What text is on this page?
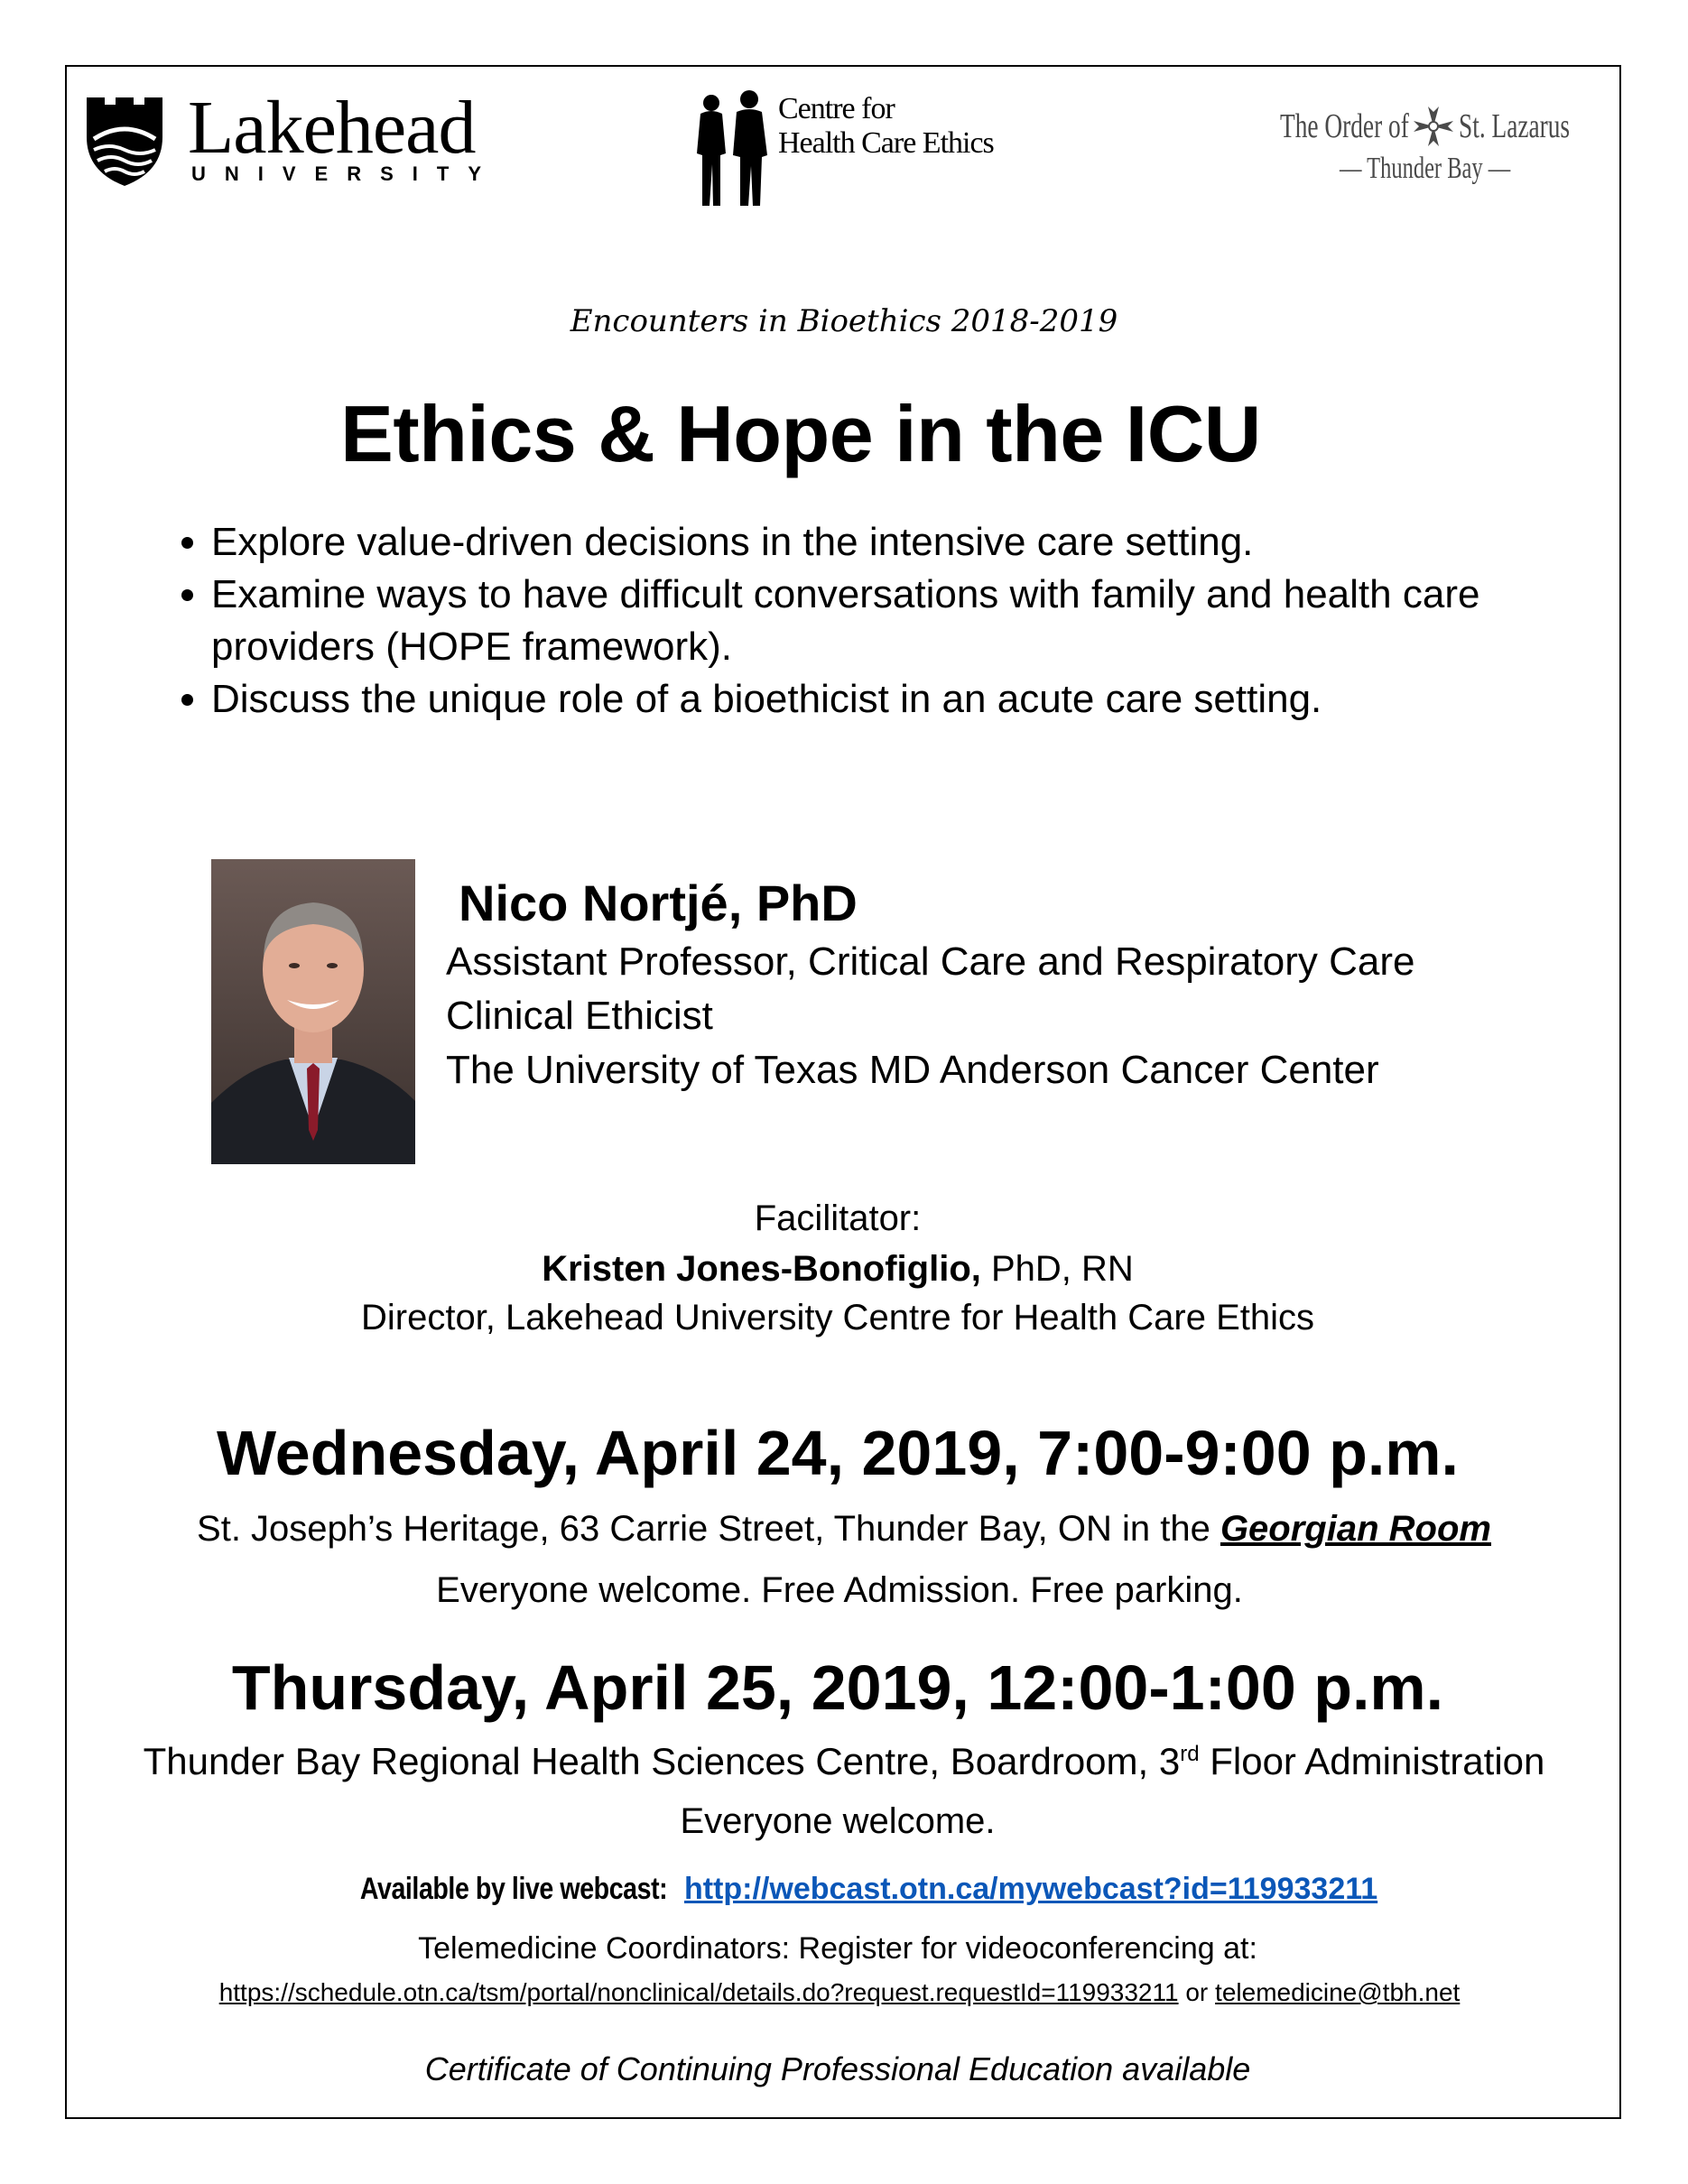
Lakehead
UNIVERSITY
Centre for
Health Care Ethics	The Order of St. Lazarus
— Thunder Bay —
Encounters in Bioethics 2018-2019
Ethics & Hope in the ICU
• Explore value-driven decisions in the intensive care setting.
• Examine ways to have difficult conversations with family and health care providers (HOPE framework).
• Discuss the unique role of a bioethicist in an acute care setting.
Nico Nortjé, PhD
Assistant Professor, Critical Care and Respiratory Care
Clinical Ethicist
The University of Texas MD Anderson Cancer Center
Facilitator:
Kristen Jones-Bonofiglio, PhD, RN
Director, Lakehead University Centre for Health Care Ethics
Wednesday, April 24, 2019, 7:00-9:00 p.m.
St. Joseph’s Heritage, 63 Carrie Street, Thunder Bay, ON in the Georgian Room
Everyone welcome. Free Admission. Free parking.
Thursday, April 25, 2019, 12:00-1:00 p.m.
Thunder Bay Regional Health Sciences Centre, Boardroom, 3rd Floor Administration
Everyone welcome.
Available by live webcast: http://webcast.otn.ca/mywebcast?id=119933211
Telemedicine Coordinators: Register for videoconferencing at:
https://schedule.otn.ca/tsm/portal/nonclinical/details.do?request.requestId=119933211 or telemedicine@tbh.net
Certificate of Continuing Professional Education available
